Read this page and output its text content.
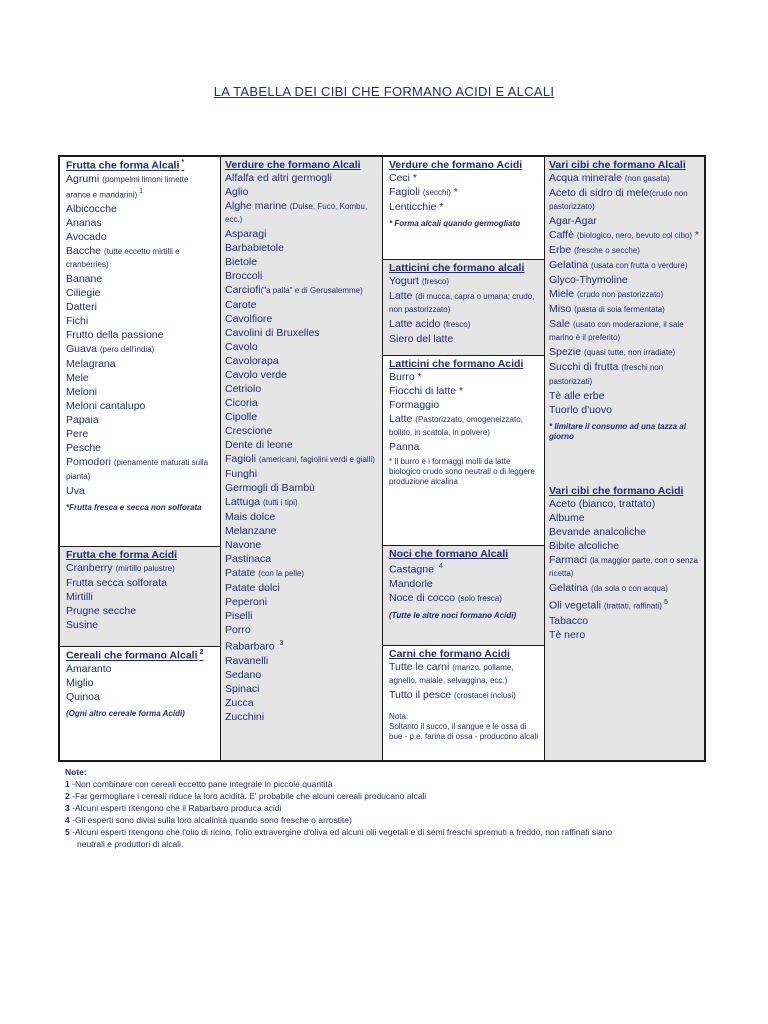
LA TABELLA DEI CIBI CHE FORMANO ACIDI E ALCALI
Frutta che forma Alcali *
Agrumi (pompelmi limoni limette arance e mandarini) $^1$
Albicocche
Ananas
Avocado
Bacche (tutte eccetto mirtilli e cranberries)
Banane
Ciliegie
Datteri
Fichi
Frutto della passione
Guava (pero dell'india)
Melagrana
Mele
Meloni
Meloni cantalupo
Papaia
Pere
Pesche
Pomodori (pienamente maturati sulla pianta)
Uva
*Frutta fresca e secca non solforata
Frutta che forma Acidi
Cranberry (mirtillo palustre)
Frutta secca solforata
Mirtilli
Prugne secche
Susine
Cereali che formano Alcali $^2$
Amaranto
Miglio
Quinoa
(Ogni altro cereale forma Acidi)
Verdure che formano Alcali
Alfalfa ed altri germogli
Aglio
Alghe marine (Dulse, Fuco, Kombu, ecc.)
Asparagi
Barbabietole
Bietole
Broccoli
Carciofi("a palla" e di Gerusalemme)
Carote
Cavolfiore
Cavolini di Bruxelles
Cavolo
Cavolorapa
Cavolo verde
Cetriolo
Cicoria
Cipolle
Crescione
Dente di leone
Fagioli (americani, fagiolini verdi e gialli)
Funghi
Germogli di Bambù
Lattuga (tutti i tipi)
Mais dolce
Melanzane
Navone
Pastinaca
Patate (con la pelle)
Patate dolci
Peperoni
Piselli
Porro
Rabarbaro $^3$
Ravanelli
Sedano
Spinaci
Zucca
Zucchini
Verdure che formano Acidi
Ceci *
Fagioli (secchi) *
Lenticchie *
* Forma alcali quando germogliato
Latticini che formano alcali
Yogurt (fresco)
Latte (di mucca, capra o umana; crudo, non pastorizzato)
Latte acido (fresco)
Siero del latte
Latticini che formano Acidi
Burro *
Fiocchi di latte *
Formaggio
Latte (Pastorizzato, omogeneizzato, bollito, in scatola, in polvere)
Panna
* Il burro e i formaggi molli da latte biologico crudo sono neutrali o di leggere produzione alcalina
Noci che formano Alcali
Castagne $^4$
Mandorle
Noce di cocco (solo fresca)
(Tutte le altre noci formano Acidi)
Carni che formano Acidi
Tutte le carni (manzo, pollame, agnello, maiale, selvaggina, ecc.)
Tutto il pesce (crostacei inclusi)
Nota:
Soltanto il succo, il sangue e le ossa di bue - p.e. farina di ossa - producono alcali
Vari cibi che formano Alcali
Acqua minerale (non gasata)
Aceto di sidro di mele(crudo non pastorizzato)
Agar-Agar
Caffè (biologico, nero, bevuto col cibo) *
Erbe (fresche o secche)
Gelatina (usata con frutta o verdure)
Glyco-Thymoline
Miele (crudo non pastorizzato)
Miso (pasta di soia fermentata)
Sale (usato con moderazione, il sale marino è il preferito)
Spezie (quasi tutte, non irradiate)
Succhi di frutta (freschi non pastorizzati)
Tè alle erbe
Tuorlo d'uovo
* limitare il consumo ad una tazza al giorno
Vari cibi che formano Acidi
Aceto (bianco, trattato)
Albume
Bevande analcoliche
Bibite alcoliche
Farmaci (la maggior parte, con o senza ricetta)
Gelatina (da sola o con acqua)
Oli vegetali (trattati, raffinati) $^5$
Tabacco
Tè nero
Note:
1 -Non combinare con cereali eccetto pane integrale in piccole quantità
2 -Far germogliare i cereali riduce la loro acidità. E' probabile che alcuni cereali producano alcali
3 -Alcuni esperti ritengono che il Rabarbaro produca acidi
4 -Gli esperti sono divisi sulla loro alcalinità quando sono fresche o arrostite)
5 -Alcuni esperti ritengono che l'olio di ricino, l'olio extravergine d'oliva ed alcuni olii vegetali e di semi freschi spremuti a freddo, non raffinati siano
neutrali e produttori di alcali.
